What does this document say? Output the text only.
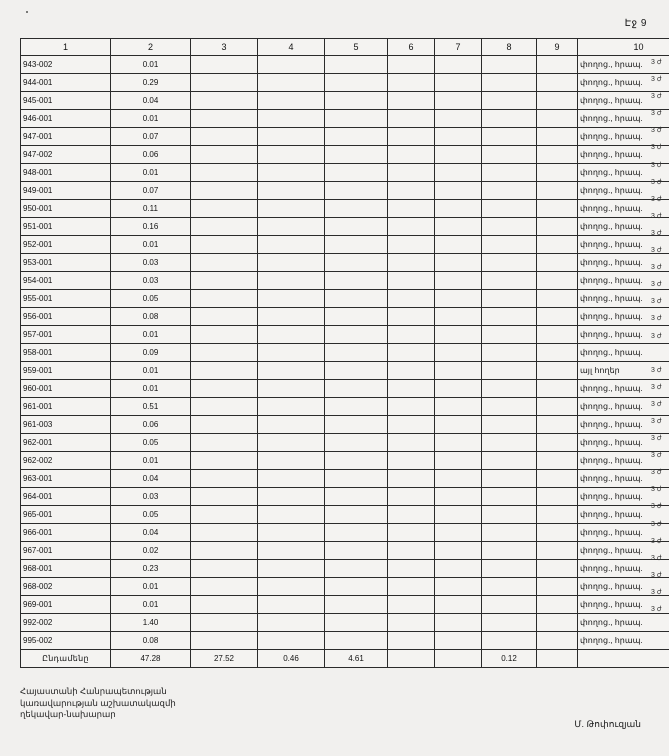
Էջ 9
1	2	3	4	5	6	7	8	9	10
943-002	0.01								փողոց., հրապ.
944-001	0.29								փողոց., հրապ.
945-001	0.04								փողոց., հրապ.
946-001	0.01								փողոց., հրապ.
947-001	0.07								փողոց., հրապ.
947-002	0.06								փողոց., հրապ.
948-001	0.01								փողոց., հրապ.
949-001	0.07								փողոց., հրապ.
950-001	0.11								փողոց., հրապ.
951-001	0.16								փողոց., հրապ.
952-001	0.01								փողոց., հրապ.
953-001	0.03								փողոց., հրապ.
954-001	0.03								փողոց., հրապ.
955-001	0.05								փողոց., հրապ.
956-001	0.08								փողոց., հրապ.
957-001	0.01								փողոց., հրապ.
958-001	0.09								փողոց., հրապ.
959-001	0.01								այլ հողեր
960-001	0.01								փողոց., հրապ.
961-001	0.51								փողոց., հրապ.
961-003	0.06								փողոց., հրապ.
962-001	0.05								փողոց., հրապ.
962-002	0.01								փողոց., հրապ.
963-001	0.04								փողոց., հրապ.
964-001	0.03								փողոց., հրապ.
965-001	0.05								փողոց., հրապ.
966-001	0.04								փողոց., հրապ.
967-001	0.02								փողոց., հրապ.
968-001	0.23								փողոց., հրապ.
968-002	0.01								փողոց., հրապ.
969-001	0.01								փողոց., հրապ.
992-002	1.40								փողոց., հրապ.
995-002	0.08								փողոց., հրապ.
Ընդամենը	47.28	27.52	0.46	4.61			0.12		
3 ժ
3 ժ
3 ժ
3 ժ
3 ժ
3 ժ
3 ժ
3 ժ
3 ժ
3 ժ
3 ժ
3 ժ
3 ժ
3 ժ
3 ժ
3 ժ
3 ժ
3 ժ
3 ժ
3 ժ
3 ժ
3 ժ
3 ժ
3 ժ
3 ժ
3 ժ
3 ժ
3 ժ
3 ժ
3 ժ
3 ժ
3 ժ
Հայաստանի Հանրապետության
կառավարության աշխատակազմի
ղեկավար-նախարար
Մ. Թոփուզյան
